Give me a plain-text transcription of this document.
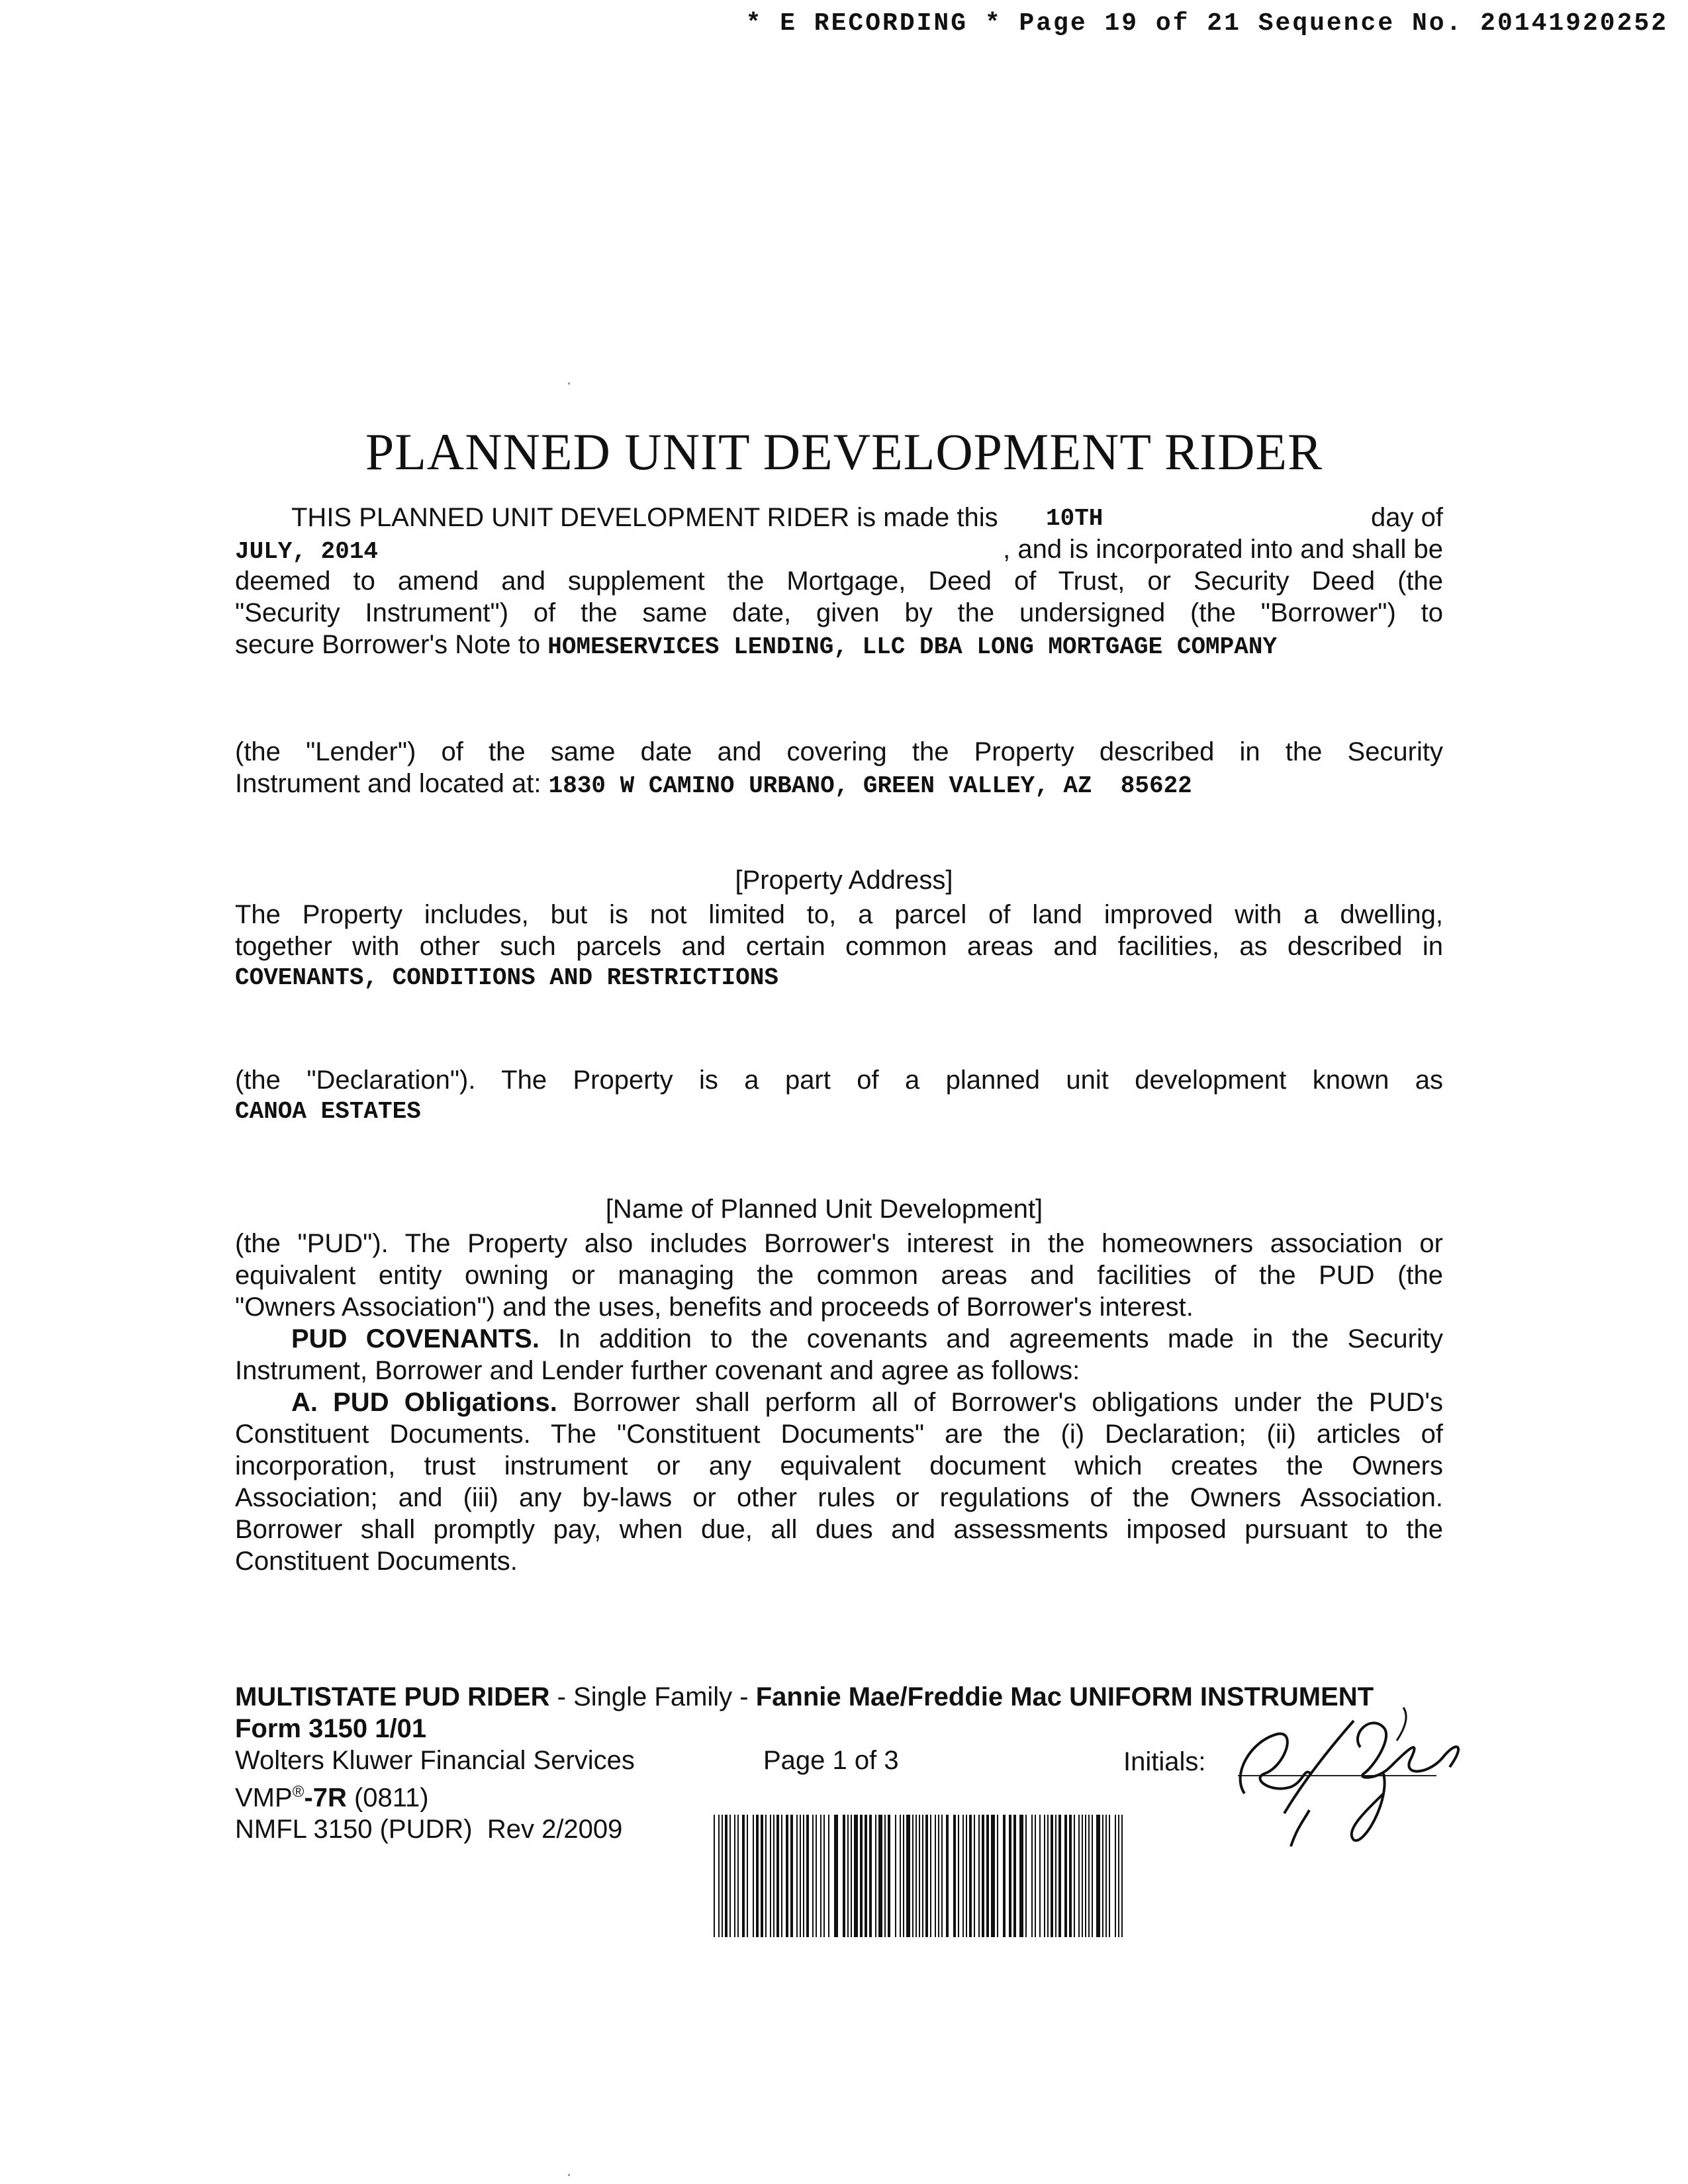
* E RECORDING * Page 19 of 21 Sequence No. 20141920252
PLANNED UNIT DEVELOPMENT RIDER
THIS PLANNED UNIT DEVELOPMENT RIDER is made this 10TH	day of
JULY, 2014	, and is incorporated into and shall be
deemed to amend and supplement the Mortgage, Deed of Trust, or Security Deed (the
"Security Instrument") of the same date, given by the undersigned (the "Borrower") to
secure Borrower's Note to HOMESERVICES LENDING, LLC DBA LONG MORTGAGE COMPANY
(the "Lender") of the same date and covering the Property described in the Security
Instrument and located at: 1830 W CAMINO URBANO, GREEN VALLEY, AZ  85622
[Property Address]
The Property includes, but is not limited to, a parcel of land improved with a dwelling,
together with other such parcels and certain common areas and facilities, as described in
COVENANTS, CONDITIONS AND RESTRICTIONS
(the "Declaration"). The Property is a part of a planned unit development known as
CANOA ESTATES
[Name of Planned Unit Development]
(the "PUD"). The Property also includes Borrower's interest in the homeowners association or
equivalent entity owning or managing the common areas and facilities of the PUD (the
"Owners Association") and the uses, benefits and proceeds of Borrower's interest.
PUD COVENANTS. In addition to the covenants and agreements made in the Security
Instrument, Borrower and Lender further covenant and agree as follows:
A. PUD Obligations. Borrower shall perform all of Borrower's obligations under the PUD's
Constituent Documents. The "Constituent Documents" are the (i) Declaration; (ii) articles of
incorporation, trust instrument or any equivalent document which creates the Owners
Association; and (iii) any by-laws or other rules or regulations of the Owners Association.
Borrower shall promptly pay, when due, all dues and assessments imposed pursuant to the
Constituent Documents.
MULTISTATE PUD RIDER - Single Family - Fannie Mae/Freddie Mac UNIFORM INSTRUMENT
Form 3150 1/01
Wolters Kluwer Financial Services	Page 1 of 3	Initials:
VMP®-7R (0811)
NMFL 3150 (PUDR)  Rev 2/2009
